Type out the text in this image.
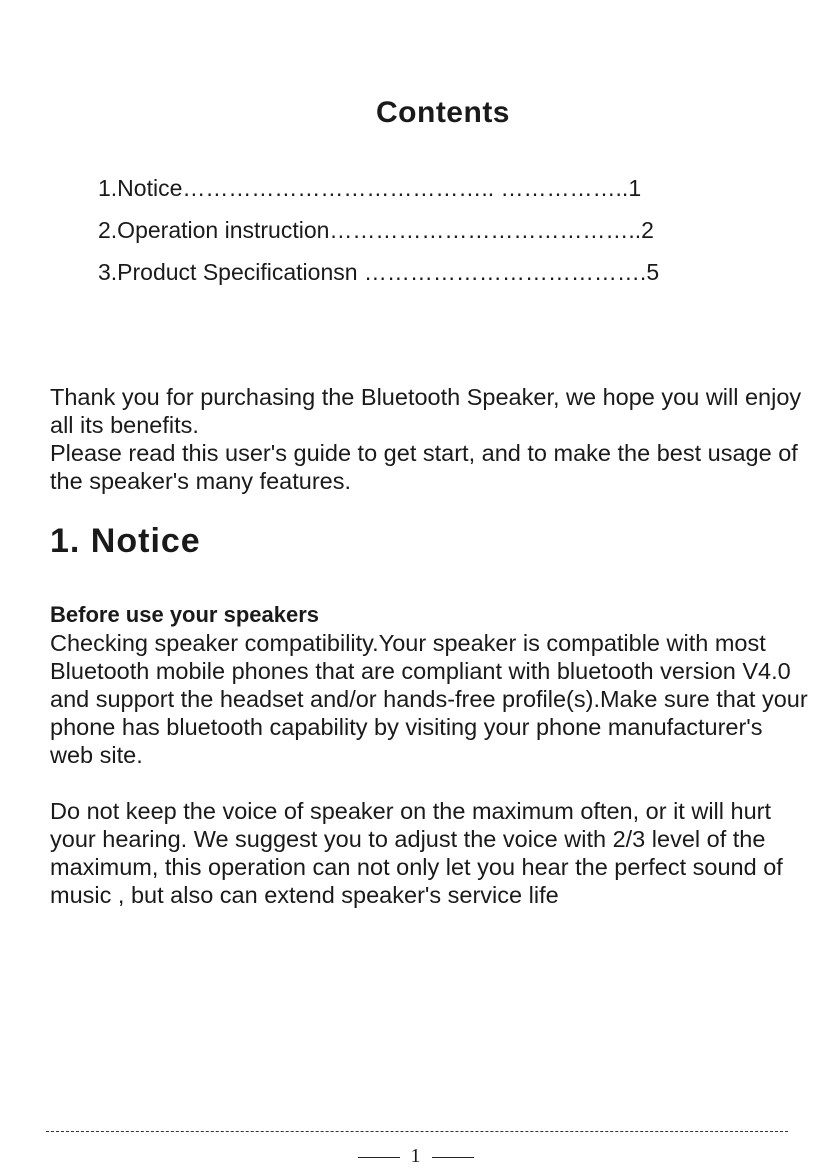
Contents
1.Notice………………………………….. ……………..1
2.Operation instruction…………………………………..2
3.Product Specificationsn ……………………………….5

Thank you for purchasing the Bluetooth Speaker, we hope you will enjoy all its benefits.

Please read this user's guide to get start, and to make the best usage of the speaker's many features.

1. Notice
Before use your speakers

Checking speaker compatibility.Your speaker is compatible with most Bluetooth mobile phones that are compliant with bluetooth version V4.0 and support the headset and/or hands-free profile(s).Make sure that your phone has bluetooth capability by visiting your phone manufacturer's web site.

Do not keep the voice of speaker on the maximum often, or it will hurt your hearing. We suggest you to adjust the voice with 2/3 level of the maximum, this operation can not only let you hear the perfect sound of music , but also can extend speaker's service life

1
